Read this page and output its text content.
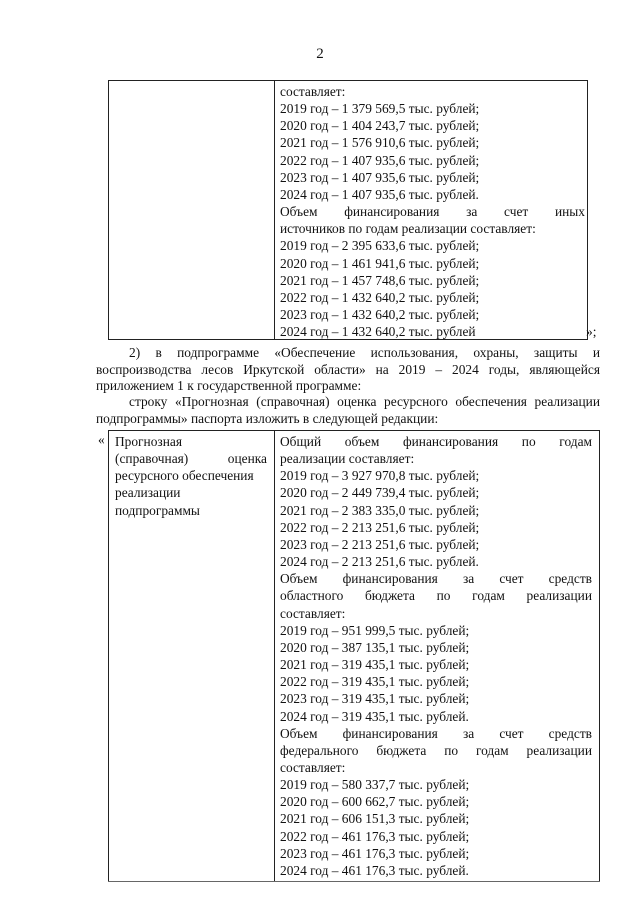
2
составляет:
2019 год – 1 379 569,5 тыс. рублей;
2020 год – 1 404 243,7 тыс. рублей;
2021 год – 1 576 910,6 тыс. рублей;
2022 год – 1 407 935,6 тыс. рублей;
2023 год – 1 407 935,6 тыс. рублей;
2024 год – 1 407 935,6 тыс. рублей.
Объем финансирования за счет иных
источников по годам реализации составляет:
2019 год – 2 395 633,6 тыс. рублей;
2020 год – 1 461 941,6 тыс. рублей;
2021 год – 1 457 748,6 тыс. рублей;
2022 год – 1 432 640,2 тыс. рублей;
2023 год – 1 432 640,2 тыс. рублей;
2024 год – 1 432 640,2 тыс. рублей	»;
2) в подпрограмме «Обеспечение использования, охраны, защиты и воспроизводства лесов Иркутской области» на 2019 – 2024 годы, являющейся приложением 1 к государственной программе:
строку «Прогнозная (справочная) оценка ресурсного обеспечения реализации подпрограммы» паспорта изложить в следующей редакции:
« Прогнозная
(справочная) оценка
ресурсного обеспечения
реализации
подпрограммы
Общий объем финансирования по годам
реализации составляет:
2019 год – 3 927 970,8 тыс. рублей;
2020 год – 2 449 739,4 тыс. рублей;
2021 год – 2 383 335,0 тыс. рублей;
2022 год – 2 213 251,6 тыс. рублей;
2023 год – 2 213 251,6 тыс. рублей;
2024 год – 2 213 251,6 тыс. рублей.
Объем финансирования за счет средств
областного бюджета по годам реализации
составляет:
2019 год – 951 999,5 тыс. рублей;
2020 год – 387 135,1 тыс. рублей;
2021 год – 319 435,1 тыс. рублей;
2022 год – 319 435,1 тыс. рублей;
2023 год – 319 435,1 тыс. рублей;
2024 год – 319 435,1 тыс. рублей.
Объем финансирования за счет средств
федерального бюджета по годам реализации
составляет:
2019 год – 580 337,7 тыс. рублей;
2020 год – 600 662,7 тыс. рублей;
2021 год – 606 151,3 тыс. рублей;
2022 год – 461 176,3 тыс. рублей;
2023 год – 461 176,3 тыс. рублей;
2024 год – 461 176,3 тыс. рублей.
